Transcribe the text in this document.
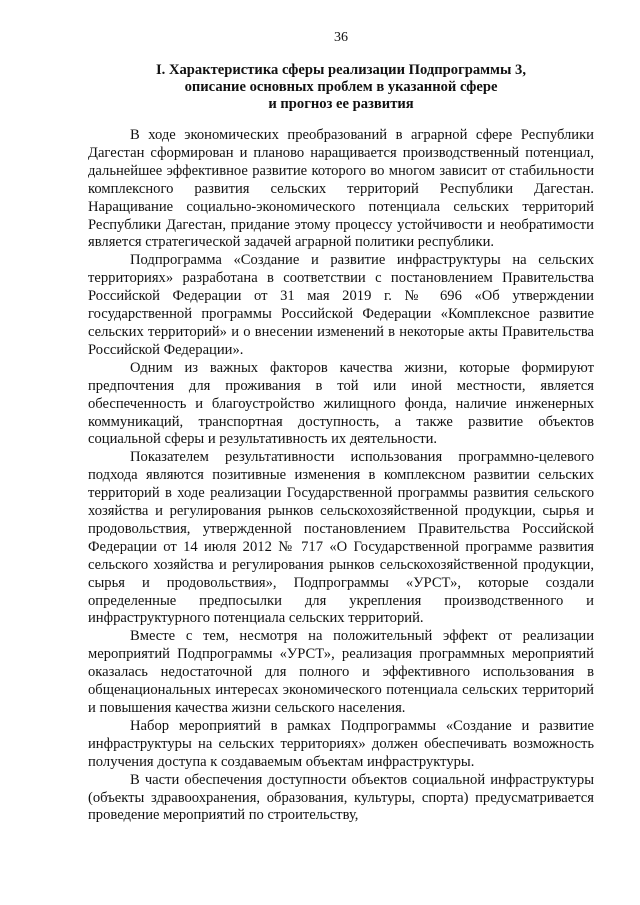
36
I. Характеристика сферы реализации Подпрограммы 3,
описание основных проблем в указанной сфере
и прогноз ее развития

В ходе экономических преобразований в аграрной сфере Республики Дагестан сформирован и планово наращивается производственный потенциал, дальнейшее эффективное развитие которого во многом зависит от стабильности комплексного развития сельских территорий Республики Дагестан. Наращивание социально-экономического потенциала сельских территорий Республики Дагестан, придание этому процессу устойчивости и необратимости является стратегической задачей аграрной политики республики.

Подпрограмма «Создание и развитие инфраструктуры на сельских территориях» разработана в соответствии с постановлением Правительства Российской Федерации от 31 мая 2019 г. № 696 «Об утверждении государственной программы Российской Федерации «Комплексное развитие сельских территорий» и о внесении изменений в некоторые акты Правительства Российской Федерации».

Одним из важных факторов качества жизни, которые формируют предпочтения для проживания в той или иной местности, является обеспеченность и благоустройство жилищного фонда, наличие инженерных коммуникаций, транспортная доступность, а также развитие объектов социальной сферы и результативность их деятельности.

Показателем результативности использования программно-целевого подхода являются позитивные изменения в комплексном развитии сельских территорий в ходе реализации Государственной программы развития сельского хозяйства и регулирования рынков сельскохозяйственной продукции, сырья и продовольствия, утвержденной постановлением Правительства Российской Федерации от 14 июля 2012 № 717 «О Государственной программе развития сельского хозяйства и регулирования рынков сельскохозяйственной продукции, сырья и продовольствия», Подпрограммы «УРСТ», которые создали определенные предпосылки для укрепления производственного и инфраструктурного потенциала сельских территорий.

Вместе с тем, несмотря на положительный эффект от реализации мероприятий Подпрограммы «УРСТ», реализация программных мероприятий оказалась недостаточной для полного и эффективного использования в общенациональных интересах экономического потенциала сельских территорий и повышения качества жизни сельского населения.

Набор мероприятий в рамках Подпрограммы «Создание и развитие инфраструктуры на сельских территориях» должен обеспечивать возможность получения доступа к создаваемым объектам инфраструктуры.

В части обеспечения доступности объектов социальной инфраструктуры (объекты здравоохранения, образования, культуры, спорта) предусматривается проведение мероприятий по строительству,
